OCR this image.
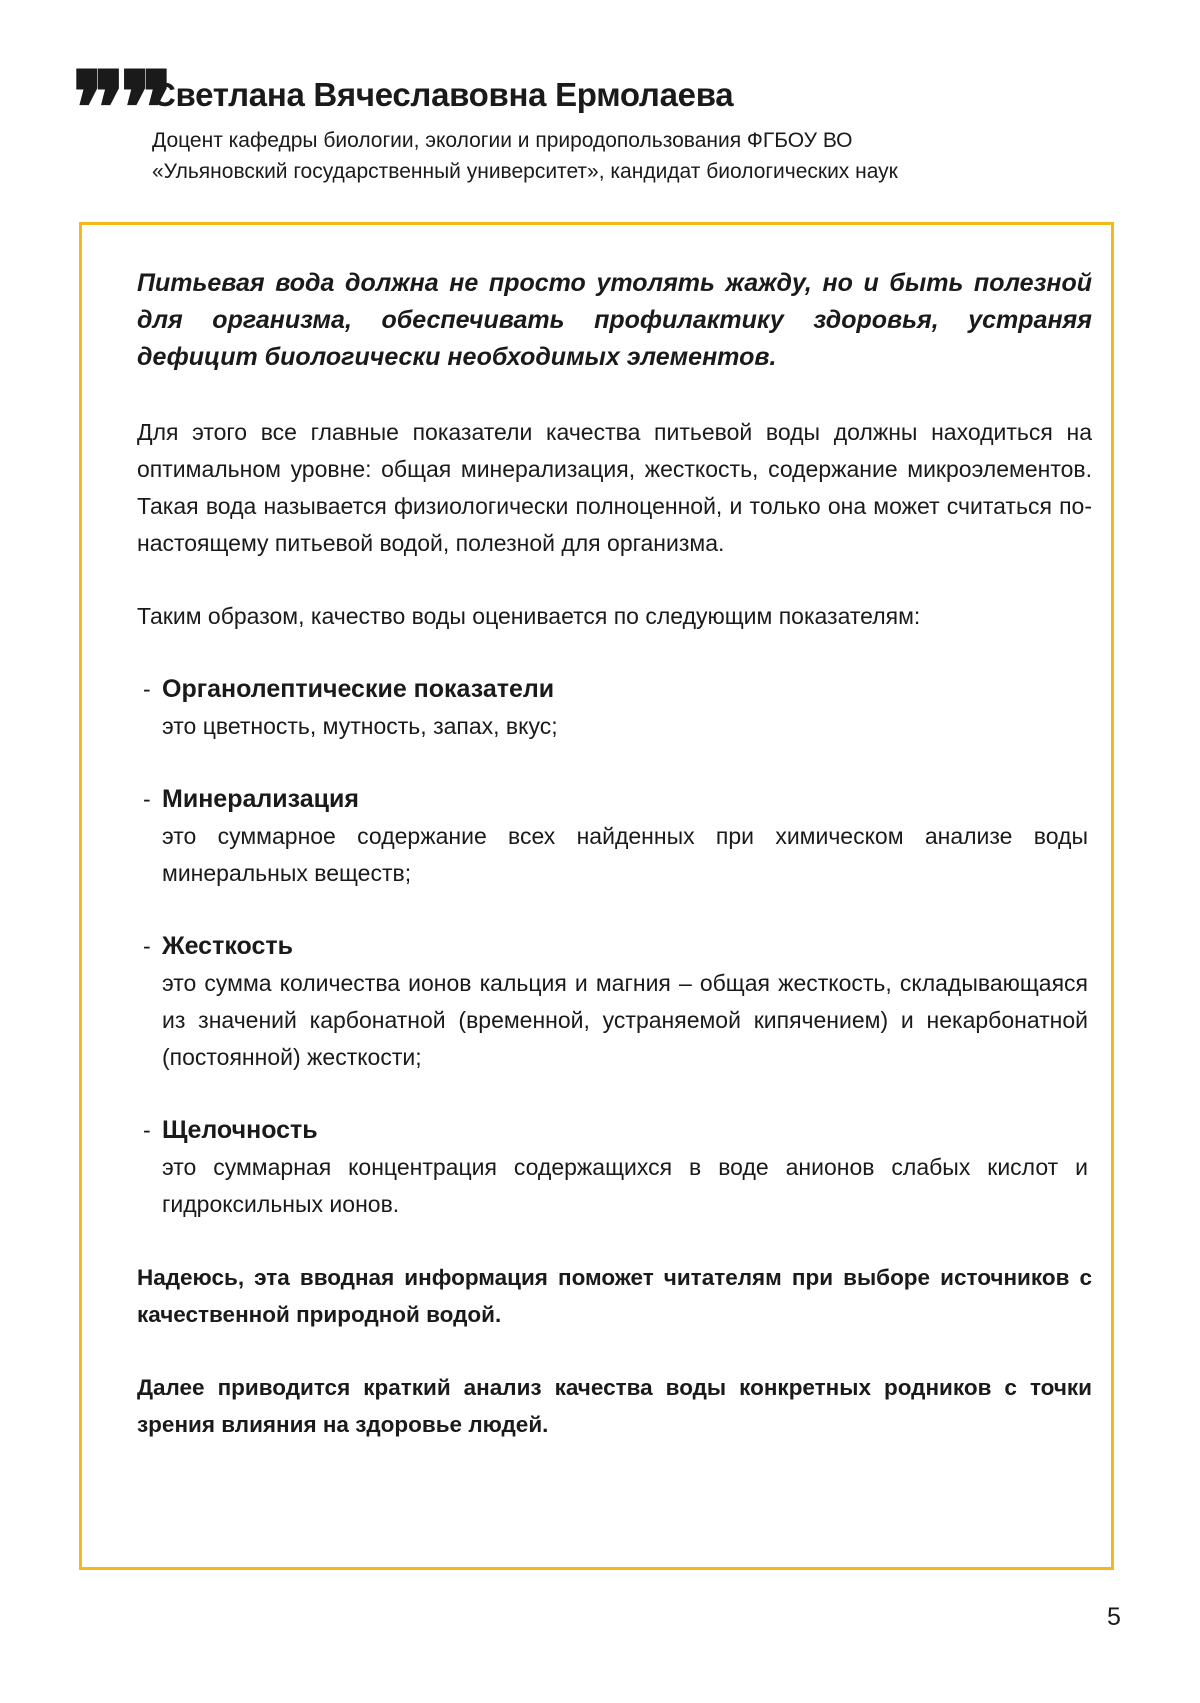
❞❞
Светлана Вячеславовна Ермолаева
Доцент кафедры биологии, экологии и природопользования ФГБОУ ВО
«Ульяновский государственный университет», кандидат биологических наук

Питьевая вода должна не просто утолять жажду, но и быть полезной для организма, обеспечивать профилактику здоровья, устраняя дефицит биологически необходимых элементов.

Для этого все главные показатели качества питьевой воды должны находиться на оптимальном уровне: общая минерализация, жесткость, содержание микроэлементов. Такая вода называется физиологически полноценной, и только она может считаться по-настоящему питьевой водой, полезной для организма.

Таким образом, качество воды оценивается по следующим показателям:

- Органолептические показатели
это цветность, мутность, запах, вкус;
- Минерализация
это суммарное содержание всех найденных при химическом анализе воды минеральных веществ;
- Жесткость
это сумма количества ионов кальция и магния – общая жесткость, складывающаяся из значений карбонатной (временной, устраняемой кипячением) и некарбонатной (постоянной) жесткости;
- Щелочность
это суммарная концентрация содержащихся в воде анионов слабых кислот и гидроксильных ионов.

Надеюсь, эта вводная информация поможет читателям при выборе источников с качественной природной водой.

Далее приводится краткий анализ качества воды конкретных родников с точки зрения влияния на здоровье людей.

5
